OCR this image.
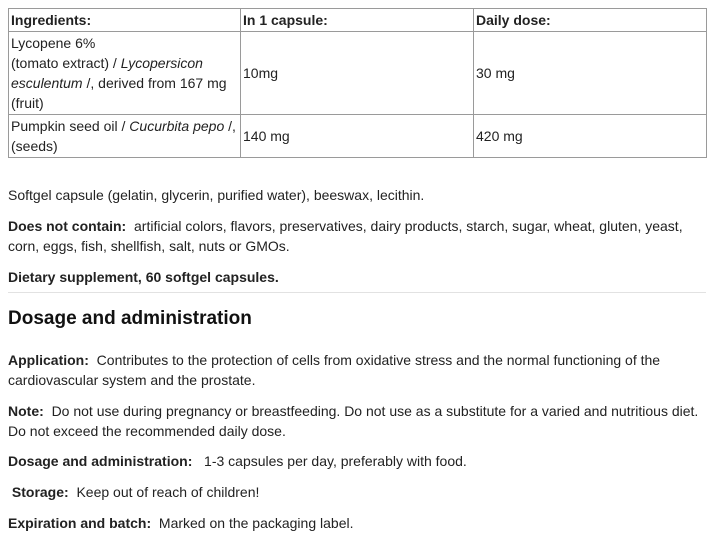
Ingredients:	In 1 capsule:	Daily dose:
Lycopene 6%
(tomato extract) / Lycopersicon esculentum /, derived from 167 mg (fruit)	10mg	30 mg
Pumpkin seed oil / Cucurbita pepo /, (seeds)	140 mg	420 mg

Softgel capsule (gelatin, glycerin, purified water), beeswax, lecithin.

Does not contain: artificial colors, flavors, preservatives, dairy products, starch, sugar, wheat, gluten, yeast, corn, eggs, fish, shellfish, salt, nuts or GMOs.

Dietary supplement, 60 softgel capsules.

Dosage and administration

Application: Contributes to the protection of cells from oxidative stress and the normal functioning of the cardiovascular system and the prostate.

Note: Do not use during pregnancy or breastfeeding. Do not use as a substitute for a varied and nutritious diet. Do not exceed the recommended daily dose.

Dosage and administration: 1-3 capsules per day, preferably with food.

Storage: Keep out of reach of children!

Expiration and batch: Marked on the packaging label.
